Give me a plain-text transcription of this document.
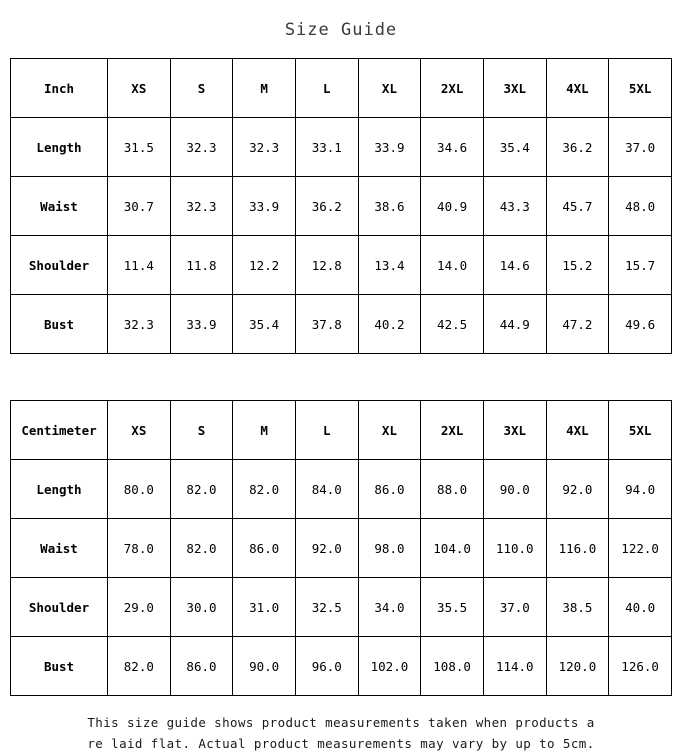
Size Guide
Inch	XS	S	M	L	XL	2XL	3XL	4XL	5XL
Length	31.5	32.3	32.3	33.1	33.9	34.6	35.4	36.2	37.0
Waist	30.7	32.3	33.9	36.2	38.6	40.9	43.3	45.7	48.0
Shoulder	11.4	11.8	12.2	12.8	13.4	14.0	14.6	15.2	15.7
Bust	32.3	33.9	35.4	37.8	40.2	42.5	44.9	47.2	49.6
Centimeter	XS	S	M	L	XL	2XL	3XL	4XL	5XL
Length	80.0	82.0	82.0	84.0	86.0	88.0	90.0	92.0	94.0
Waist	78.0	82.0	86.0	92.0	98.0	104.0	110.0	116.0	122.0
Shoulder	29.0	30.0	31.0	32.5	34.0	35.5	37.0	38.5	40.0
Bust	82.0	86.0	90.0	96.0	102.0	108.0	114.0	120.0	126.0
This size guide shows product measurements taken when products a
re laid flat. Actual product measurements may vary by up to 5cm.
